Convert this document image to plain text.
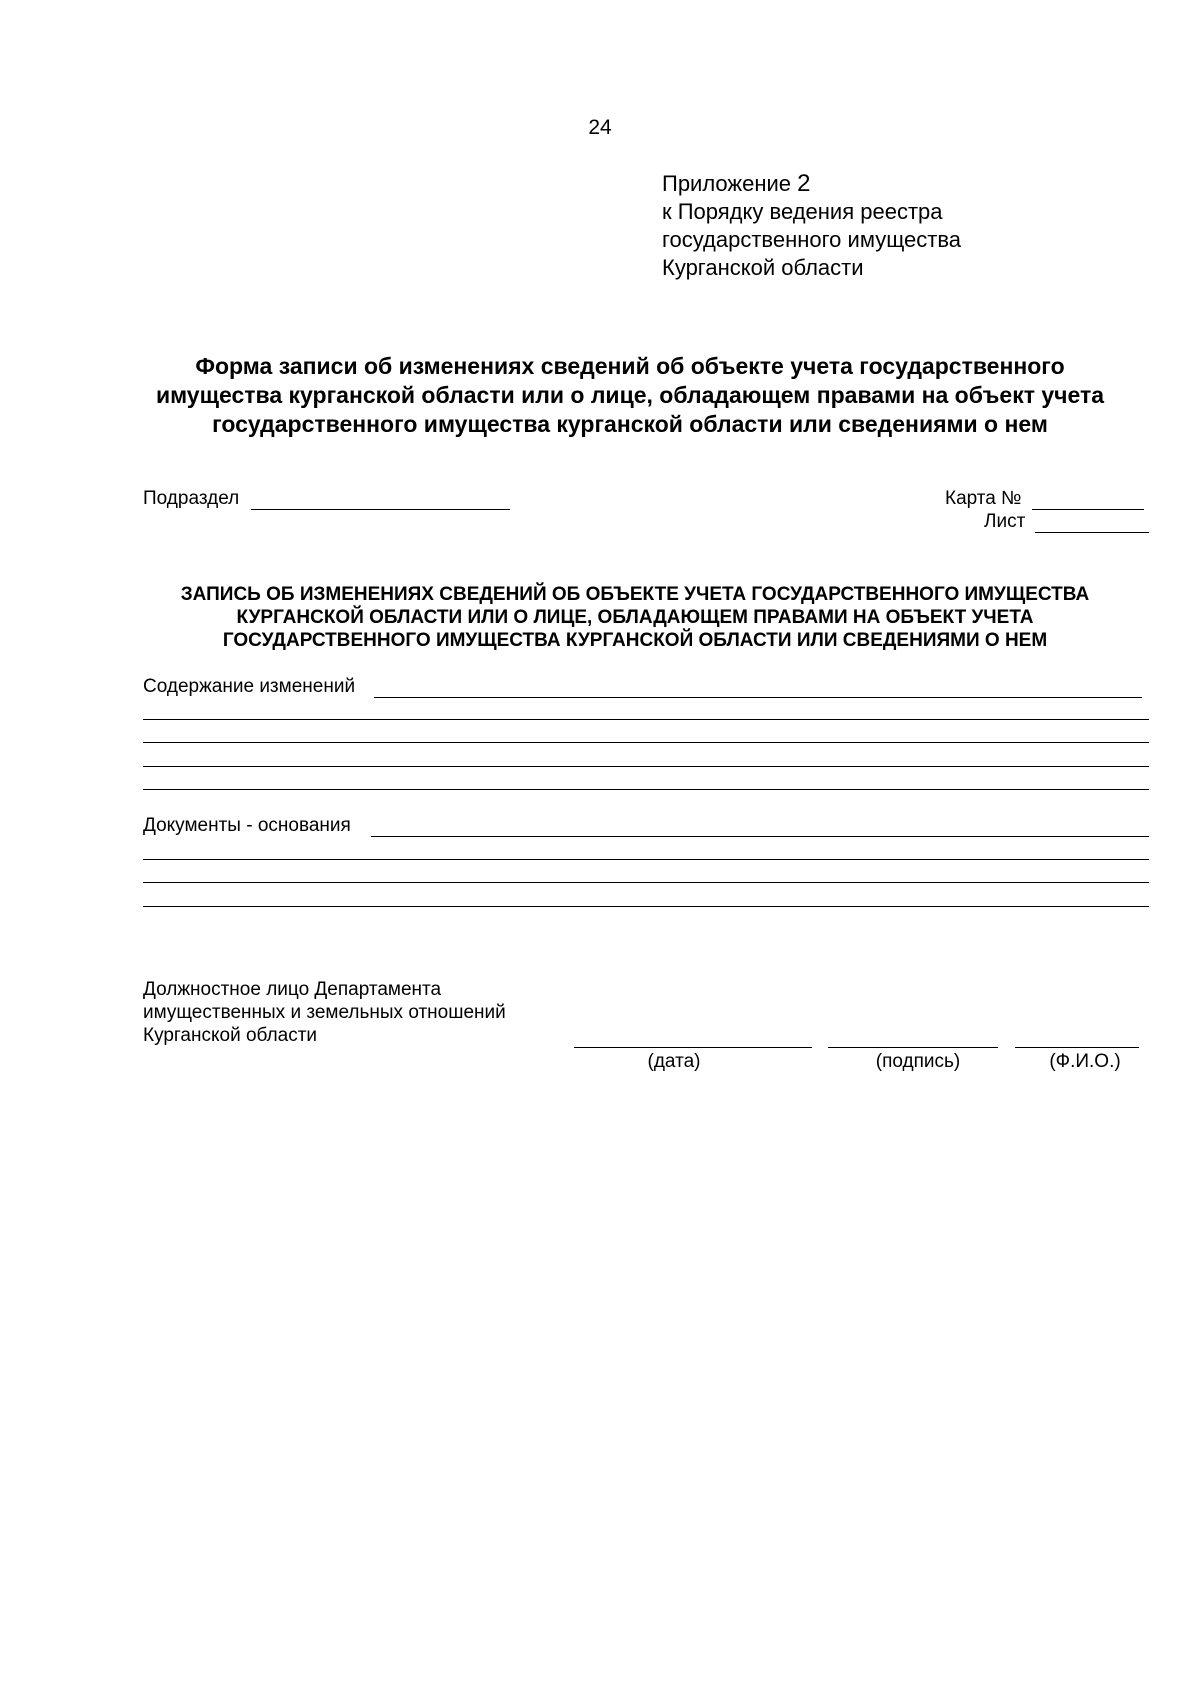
24
Приложение 2
к Порядку ведения реестра
государственного имущества
Курганской области
Форма записи об изменениях сведений об объекте учета государственного
имущества курганской области или о лице, обладающем правами на объект учета
государственного имущества курганской области или сведениями о нем
Подраздел	Карта №
Лист
ЗАПИСЬ ОБ ИЗМЕНЕНИЯХ СВЕДЕНИЙ ОБ ОБЪЕКТЕ УЧЕТА ГОСУДАРСТВЕННОГО ИМУЩЕСТВА
КУРГАНСКОЙ ОБЛАСТИ ИЛИ О ЛИЦЕ, ОБЛАДАЮЩЕМ ПРАВАМИ НА ОБЪЕКТ УЧЕТА
ГОСУДАРСТВЕННОГО ИМУЩЕСТВА КУРГАНСКОЙ ОБЛАСТИ ИЛИ СВЕДЕНИЯМИ О НЕМ
Содержание изменений
Документы - основания
Должностное лицо Департамента
имущественных и земельных отношений
Курганской области
(дата)	(подпись)	(Ф.И.О.)
